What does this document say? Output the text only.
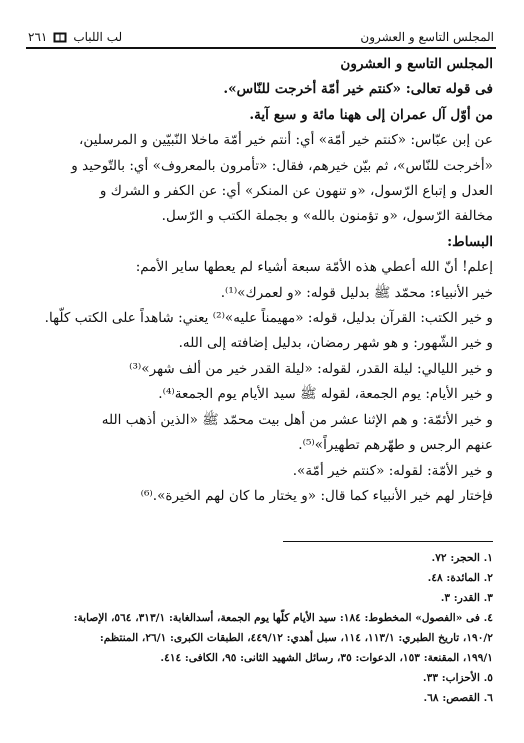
المجلس التاسع و العشرون
لب اللباب
٢٦١
المجلس التاسع و العشرون
فى قوله تعالى: «كنتم خير أمّة أخرجت للنّاس».
من أوّل آل عمران إلى ههنا مائة و سبع آية.
عن إبن عبّاس: «كنتم خير أمّة» أي: أنتم خير أمّة ماخلا النّبيّين و المرسلين،
«أخرجت للنّاس»، ثم بيّن خيرهم، فقال: «تأمرون بالمعروف» أي: بالتّوحيد و
العدل و إتباع الرّسول، «و تنهون عن المنكر» أي: عن الكفر و الشرك و
مخالفة الرّسول، «و تؤمنون بالله» و بجملة الكتب و الرّسل.
البساط:
إعلم! أنّ الله أعطي هذه الأمّة سبعة أشياء لم يعطها ساير الأمم:
خير الأنبياء: محمّد ﷺ بدليل قوله: «و لعمرك»⁽¹⁾.
و خير الكتب: القرآن بدليل، قوله: «مهيمناً عليه»⁽²⁾ يعني: شاهداً على الكتب كلّها.
و خير الشّهور: و هو شهر رمضان، بدليل إضافته إلى الله.
و خير الليالي: ليلة القدر، لقوله: «ليلة القدر خير من ألف شهر»⁽³⁾
و خير الأيام: يوم الجمعة، لقوله ﷺ سيد الأيام يوم الجمعة⁽⁴⁾.
و خير الأئمّة: و هم الإثنا عشر من أهل بيت محمّد ﷺ «الذين أذهب الله
عنهم الرجس و طهّرهم تطهيراً»⁽⁵⁾.
و خير الأمّة: لقوله: «كنتم خير أمّة».
فإختار لهم خير الأنبياء كما قال: «و يختار ما كان لهم الخيرة».⁽⁶⁾
١. الحجر: ٧٢.
٢. المائدة: ٤٨.
٣. القدر: ٣.
٤. فى «الفصول» المخطوط: ١٨٤: سيد الأيام كلّها يوم الجمعة، أسدالغابة: ٣١٣/١، ٥٦٤، الإصابة:
١٩٠/٢، تاريخ الطبري: ١١٣/١، ١١٤، سبل أهدي: ٤٤٩/١٢، الطبقات الكبرى: ٢٦/١، المنتظم:
١٩٩/١، المقنعة: ١٥٣، الدعوات: ٣٥، رسائل الشهيد الثانى: ٩٥، الكافى: ٤١٤.
٥. الأحزاب: ٣٣.
٦. القصص: ٦٨.
